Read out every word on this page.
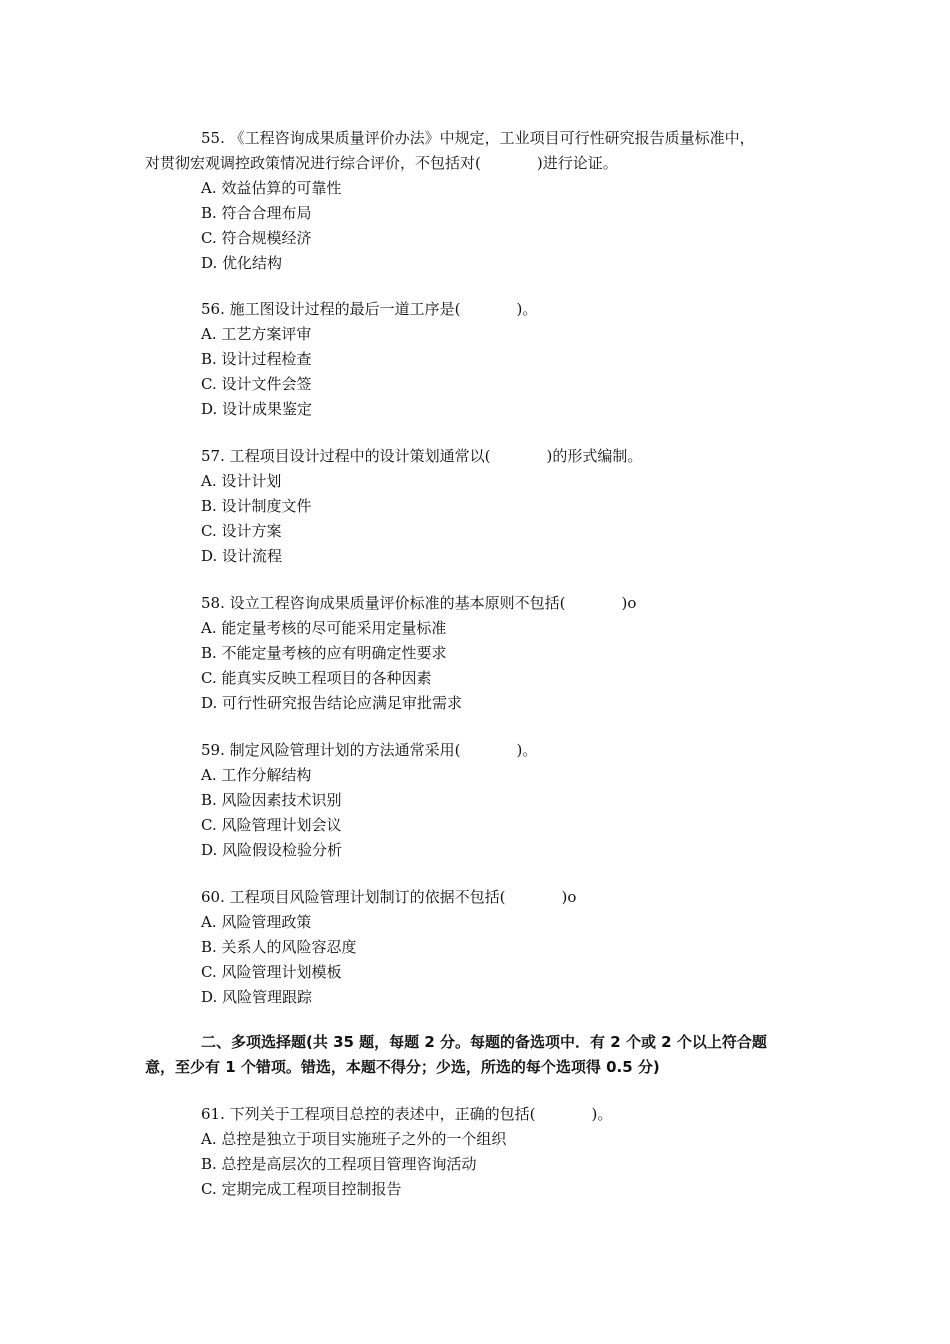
55. 《工程咨询成果质量评价办法》中规定，工业项目可行性研究报告质量标准中，
对贯彻宏观调控政策情况进行综合评价，不包括对(	)进行论证。

A. 效益估算的可靠性

B. 符合合理布局

C. 符合规模经济

D. 优化结构

56. 施工图设计过程的最后一道工序是(	)。

A. 工艺方案评审

B. 设计过程检查

C. 设计文件会签

D. 设计成果鉴定

57. 工程项目设计过程中的设计策划通常以(	)的形式编制。

A. 设计计划

B. 设计制度文件

C. 设计方案

D. 设计流程

58. 设立工程咨询成果质量评价标准的基本原则不包括(	)o

A. 能定量考核的尽可能采用定量标准

B. 不能定量考核的应有明确定性要求

C. 能真实反映工程项目的各种因素

D. 可行性研究报告结论应满足审批需求

59. 制定风险管理计划的方法通常采用(	)。

A. 工作分解结构

B. 风险因素技术识别

C. 风险管理计划会议

D. 风险假设检验分析

60. 工程项目风险管理计划制订的依据不包括(	)o

A. 风险管理政策

B. 关系人的风险容忍度

C. 风险管理计划模板

D. 风险管理跟踪

二、多项选择题(共 35 题，每题 2 分。每题的备选项中．有 2 个或 2 个以上符合题
意，至少有 1 个错项。错选，本题不得分；少选，所选的每个选项得 0.5 分)

61. 下列关于工程项目总控的表述中，正确的包括(	)。

A. 总控是独立于项目实施班子之外的一个组织

B. 总控是高层次的工程项目管理咨询活动

C. 定期完成工程项目控制报告
